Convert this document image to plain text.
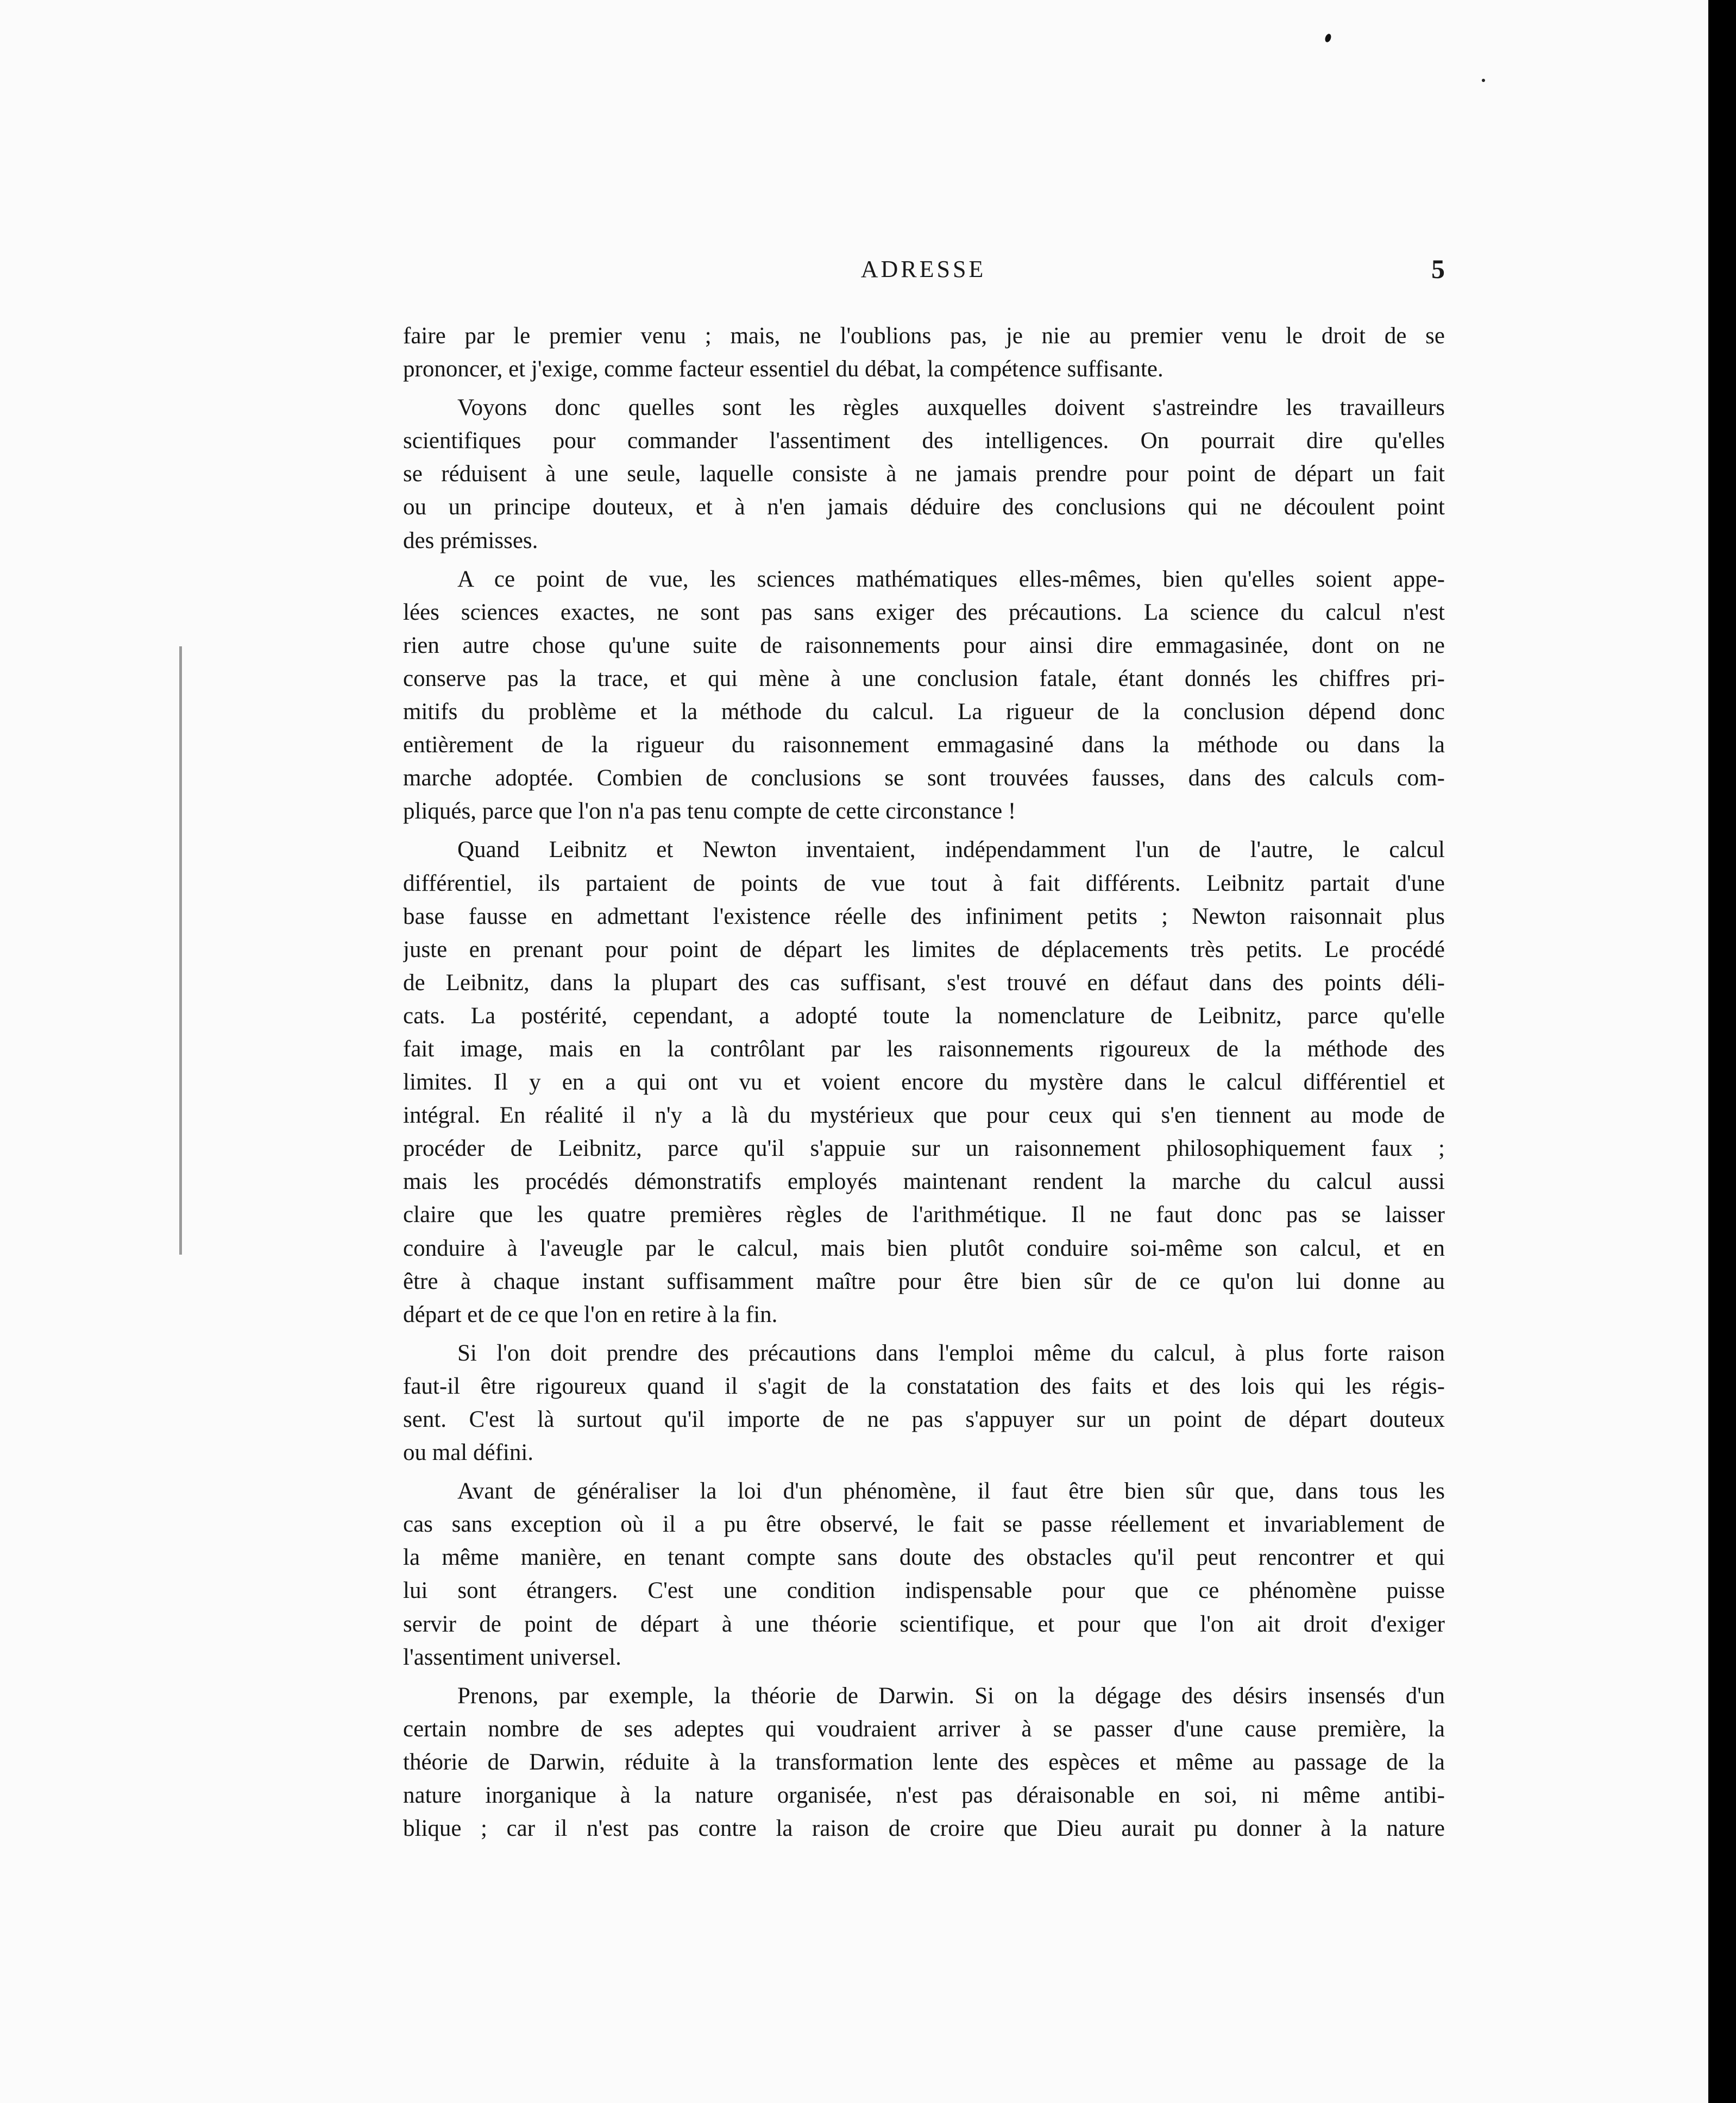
ADRESSE	5
faire par le premier venu ; mais, ne l'oublions pas, je nie au premier venu le droit de se
prononcer, et j'exige, comme facteur essentiel du débat, la compétence suffisante.
Voyons donc quelles sont les règles auxquelles doivent s'astreindre les travailleurs
scientifiques pour commander l'assentiment des intelligences. On pourrait dire qu'elles
se réduisent à une seule, laquelle consiste à ne jamais prendre pour point de départ un fait
ou un principe douteux, et à n'en jamais déduire des conclusions qui ne découlent point
des prémisses.
A ce point de vue, les sciences mathématiques elles-mêmes, bien qu'elles soient appe-
lées sciences exactes, ne sont pas sans exiger des précautions. La science du calcul n'est
rien autre chose qu'une suite de raisonnements pour ainsi dire emmagasinée, dont on ne
conserve pas la trace, et qui mène à une conclusion fatale, étant donnés les chiffres pri-
mitifs du problème et la méthode du calcul. La rigueur de la conclusion dépend donc
entièrement de la rigueur du raisonnement emmagasiné dans la méthode ou dans la
marche adoptée. Combien de conclusions se sont trouvées fausses, dans des calculs com-
pliqués, parce que l'on n'a pas tenu compte de cette circonstance !
Quand Leibnitz et Newton inventaient, indépendamment l'un de l'autre, le calcul
différentiel, ils partaient de points de vue tout à fait différents. Leibnitz partait d'une
base fausse en admettant l'existence réelle des infiniment petits ; Newton raisonnait plus
juste en prenant pour point de départ les limites de déplacements très petits. Le procédé
de Leibnitz, dans la plupart des cas suffisant, s'est trouvé en défaut dans des points déli-
cats. La postérité, cependant, a adopté toute la nomenclature de Leibnitz, parce qu'elle
fait image, mais en la contrôlant par les raisonnements rigoureux de la méthode des
limites. Il y en a qui ont vu et voient encore du mystère dans le calcul différentiel et
intégral. En réalité il n'y a là du mystérieux que pour ceux qui s'en tiennent au mode de
procéder de Leibnitz, parce qu'il s'appuie sur un raisonnement philosophiquement faux ;
mais les procédés démonstratifs employés maintenant rendent la marche du calcul aussi
claire que les quatre premières règles de l'arithmétique. Il ne faut donc pas se laisser
conduire à l'aveugle par le calcul, mais bien plutôt conduire soi-même son calcul, et en
être à chaque instant suffisamment maître pour être bien sûr de ce qu'on lui donne au
départ et de ce que l'on en retire à la fin.
Si l'on doit prendre des précautions dans l'emploi même du calcul, à plus forte raison
faut-il être rigoureux quand il s'agit de la constatation des faits et des lois qui les régis-
sent. C'est là surtout qu'il importe de ne pas s'appuyer sur un point de départ douteux
ou mal défini.
Avant de généraliser la loi d'un phénomène, il faut être bien sûr que, dans tous les
cas sans exception où il a pu être observé, le fait se passe réellement et invariablement de
la même manière, en tenant compte sans doute des obstacles qu'il peut rencontrer et qui
lui sont étrangers. C'est une condition indispensable pour que ce phénomène puisse
servir de point de départ à une théorie scientifique, et pour que l'on ait droit d'exiger
l'assentiment universel.
Prenons, par exemple, la théorie de Darwin. Si on la dégage des désirs insensés d'un
certain nombre de ses adeptes qui voudraient arriver à se passer d'une cause première, la
théorie de Darwin, réduite à la transformation lente des espèces et même au passage de la
nature inorganique à la nature organisée, n'est pas déraisonable en soi, ni même antibi-
blique ; car il n'est pas contre la raison de croire que Dieu aurait pu donner à la nature
